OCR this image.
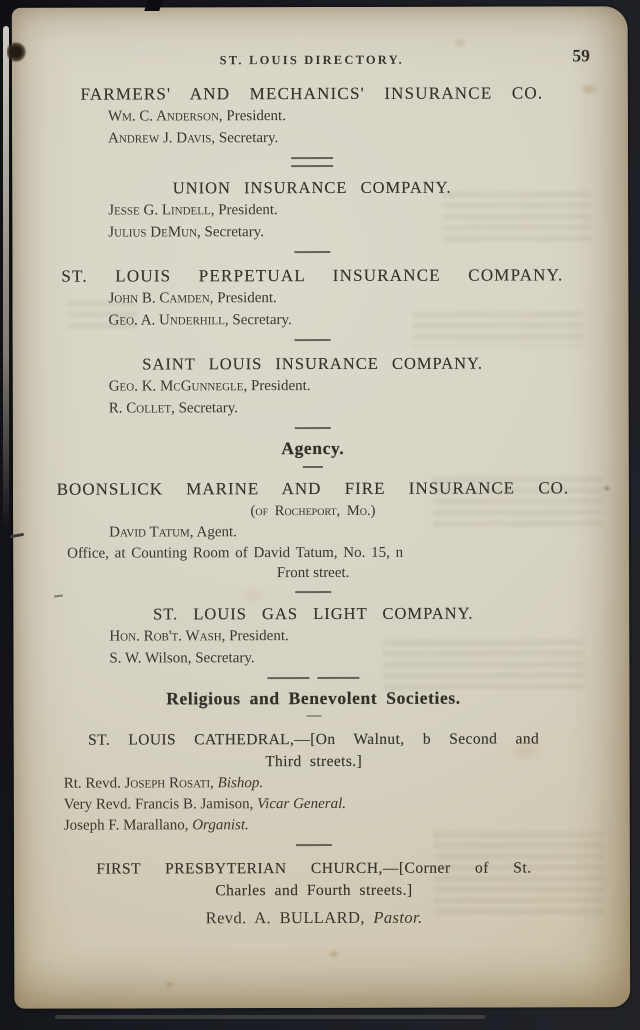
ST. LOUIS DIRECTORY.	59
FARMERS' AND MECHANICS' INSURANCE CO.
Wm. C. Anderson, President.
Andrew J. Davis, Secretary.
UNION INSURANCE COMPANY.
Jesse G. Lindell, President.
Julius DeMun, Secretary.
ST. LOUIS PERPETUAL INSURANCE COMPANY.
John B. Camden, President.
Geo. A. Underhill, Secretary.
SAINT LOUIS INSURANCE COMPANY.
Geo. K. McGunnegle, President.
R. Collet, Secretary.
Agency.
BOONSLICK MARINE AND FIRE INSURANCE CO.
(of Rocheport, Mo.)
David Tatum, Agent.
Office, at Counting Room of David Tatum, No. 15, n
Front street.
ST. LOUIS GAS LIGHT COMPANY.
Hon. Rob't. Wash, President.
S. W. Wilson, Secretary.
Religious and Benevolent Societies.
ST. LOUIS CATHEDRAL,—[On Walnut, b Second and
Third streets.]
Rt. Revd. Joseph Rosati, Bishop.
Very Revd. Francis B. Jamison, Vicar General.
Joseph F. Marallano, Organist.
FIRST PRESBYTERIAN CHURCH,—[Corner of St.
Charles and Fourth streets.]
Revd. A. BULLARD, Pastor.
